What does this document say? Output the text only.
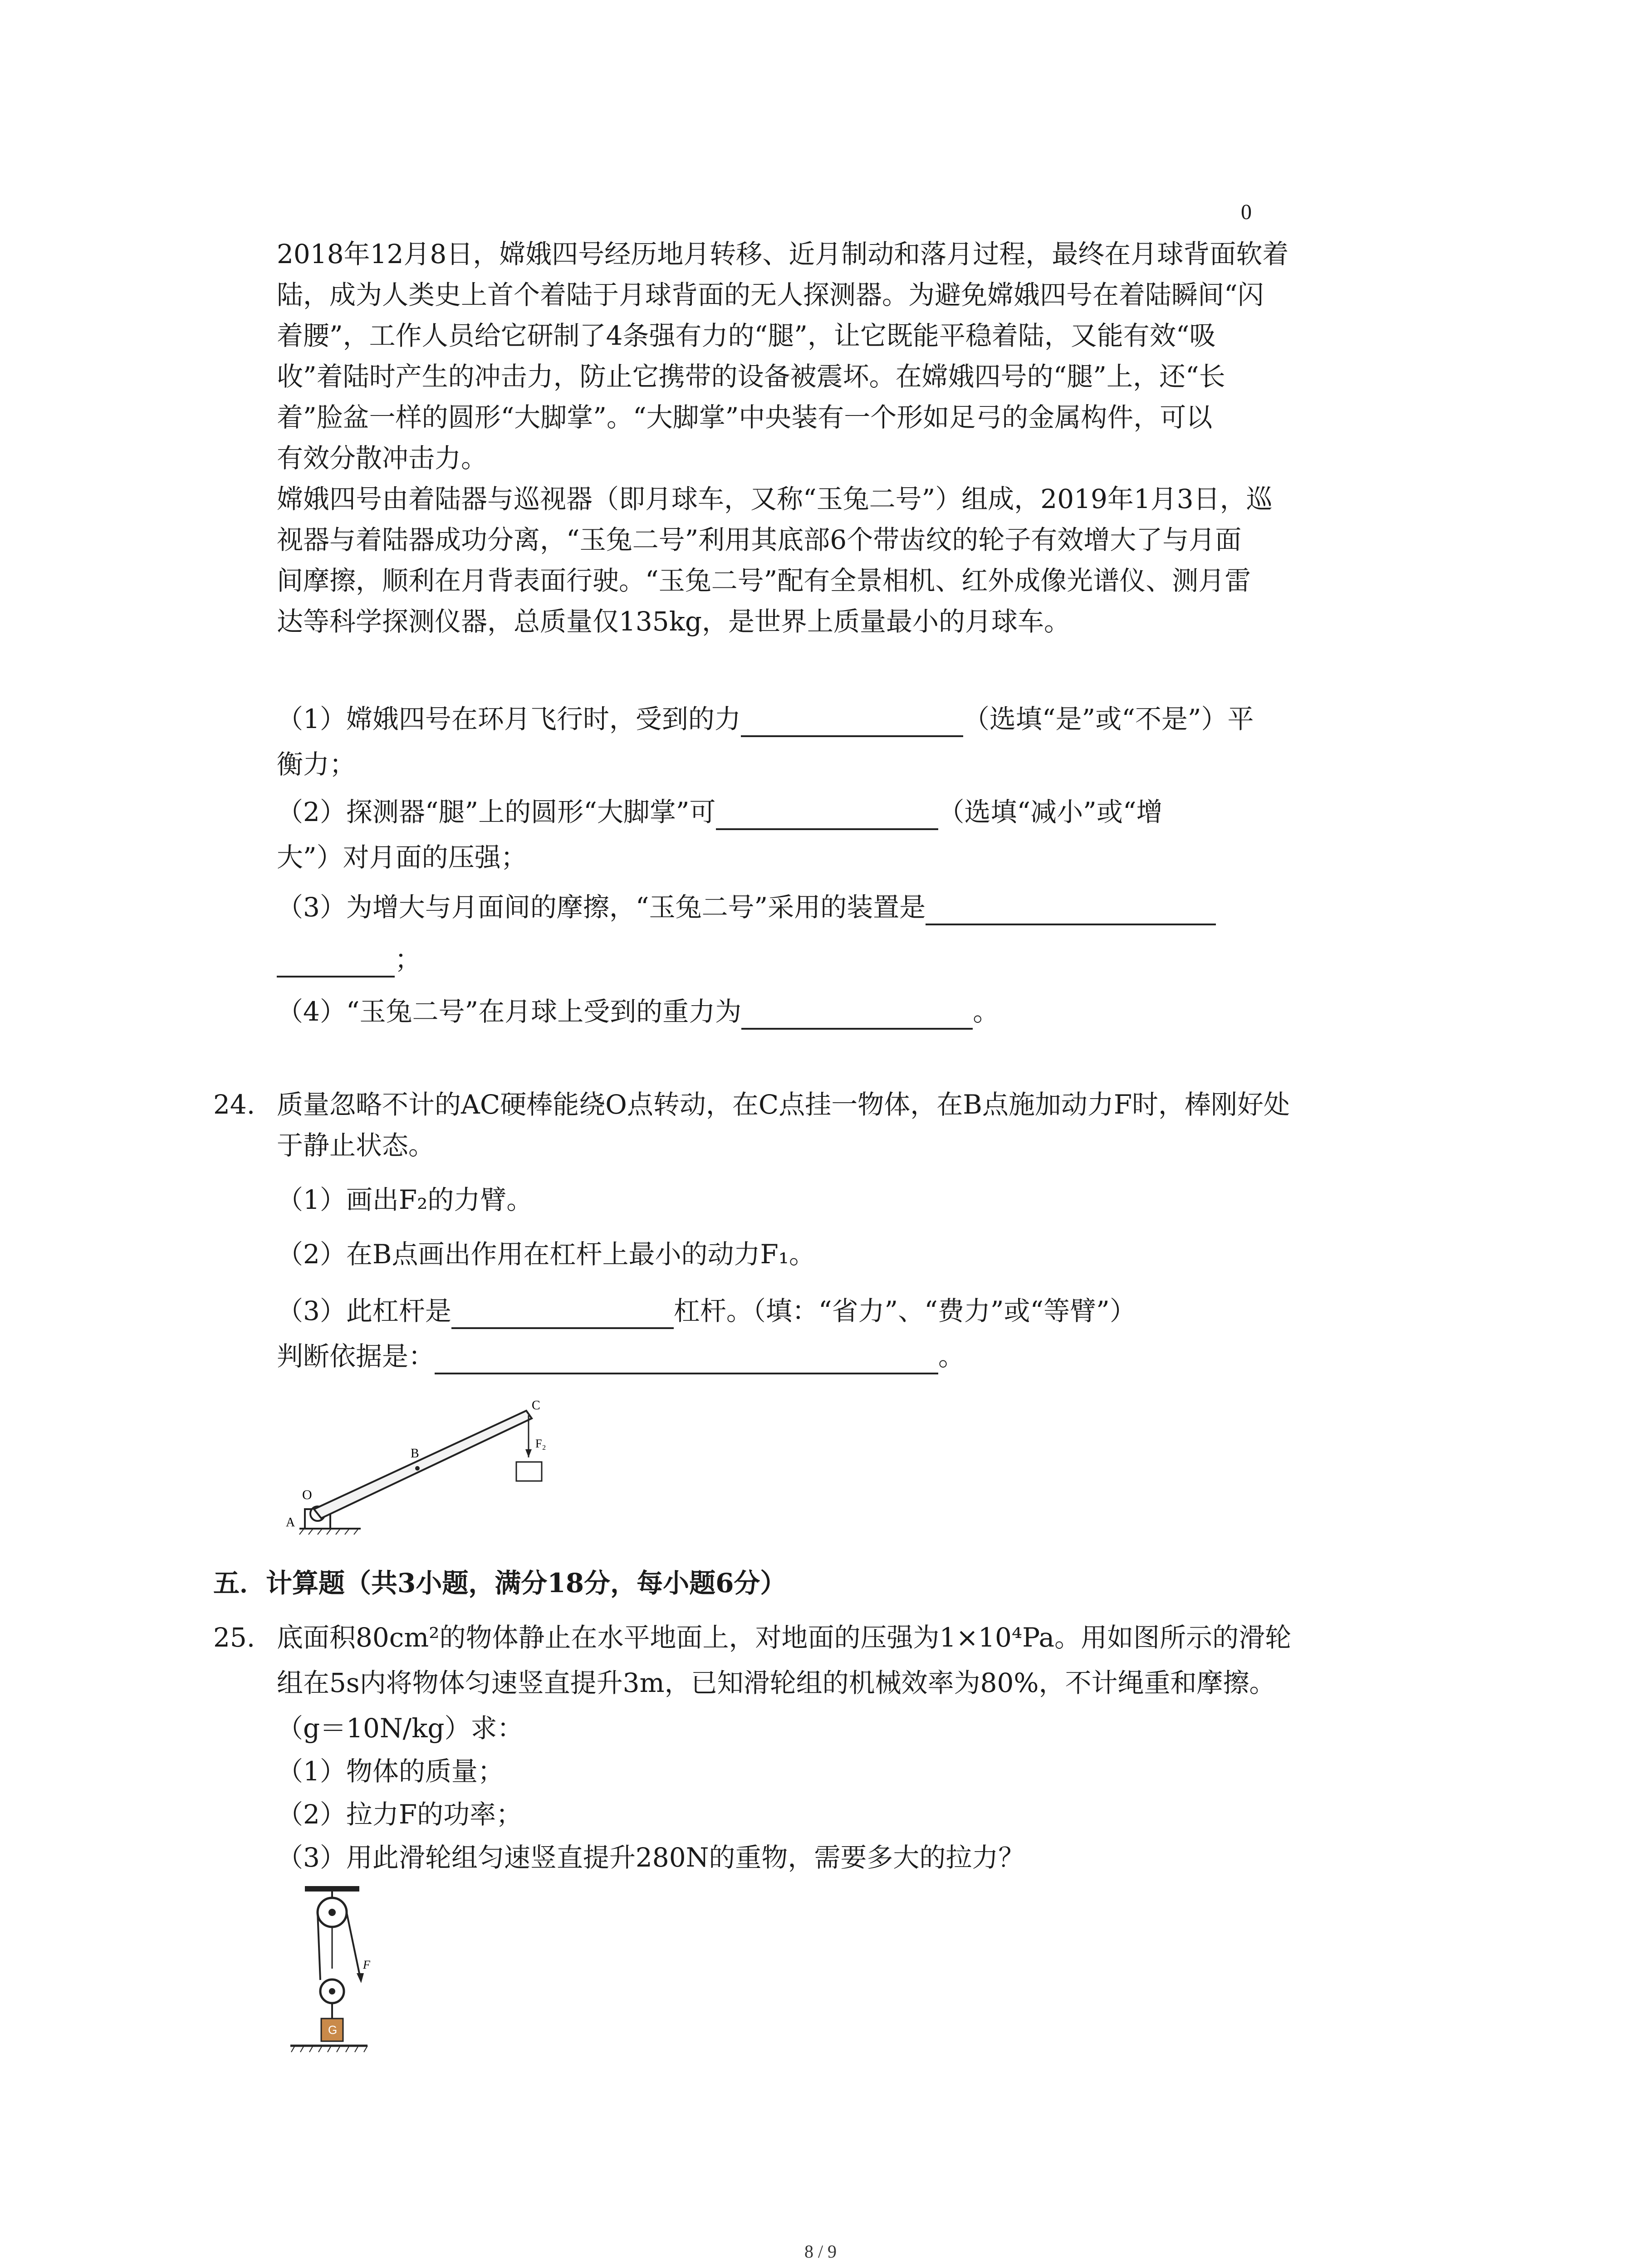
0
2018年12月8日，嫦娥四号经历地月转移、近月制动和落月过程，最终在月球背面软着
陆，成为人类史上首个着陆于月球背面的无人探测器。为避免嫦娥四号在着陆瞬间“闪
着腰”，工作人员给它研制了4条强有力的“腿”，让它既能平稳着陆，又能有效“吸
收”着陆时产生的冲击力，防止它携带的设备被震坏。在嫦娥四号的“腿”上，还“长
着”脸盆一样的圆形“大脚掌”。“大脚掌”中央装有一个形如足弓的金属构件，可以
有效分散冲击力。
嫦娥四号由着陆器与巡视器（即月球车，又称“玉兔二号”）组成，2019年1月3日，巡
视器与着陆器成功分离，“玉兔二号”利用其底部6个带齿纹的轮子有效增大了与月面
间摩擦，顺利在月背表面行驶。“玉兔二号”配有全景相机、红外成像光谱仪、测月雷
达等科学探测仪器，总质量仅135kg，是世界上质量最小的月球车。
（1）嫦娥四号在环月飞行时，受到的力	（选填“是”或“不是”）平
衡力；
（2）探测器“腿”上的圆形“大脚掌”可	（选填“减小”或“增
大”）对月面的压强；
（3）为增大与月面间的摩擦，“玉兔二号”采用的装置是
；
（4）“玉兔二号”在月球上受到的重力为	。
24. 质量忽略不计的AC硬棒能绕O点转动，在C点挂一物体，在B点施加动力F时，棒刚好处
于静止状态。
（1）画出F₂的力臂。
（2）在B点画出作用在杠杆上最小的动力F₁。
（3）此杠杆是	杠杆。（填：“省力”、“费力”或“等臂”）
判断依据是：	。
O
A
B
C
F₂
五．计算题（共3小题，满分18分，每小题6分）
25. 底面积80cm²的物体静止在水平地面上，对地面的压强为1×10⁴Pa。用如图所示的滑轮
组在5s内将物体匀速竖直提升3m，已知滑轮组的机械效率为80%，不计绳重和摩擦。
（g＝10N/kg）求：
（1）物体的质量；
（2）拉力F的功率；
（3）用此滑轮组匀速竖直提升280N的重物，需要多大的拉力？
F
G
8 / 9
